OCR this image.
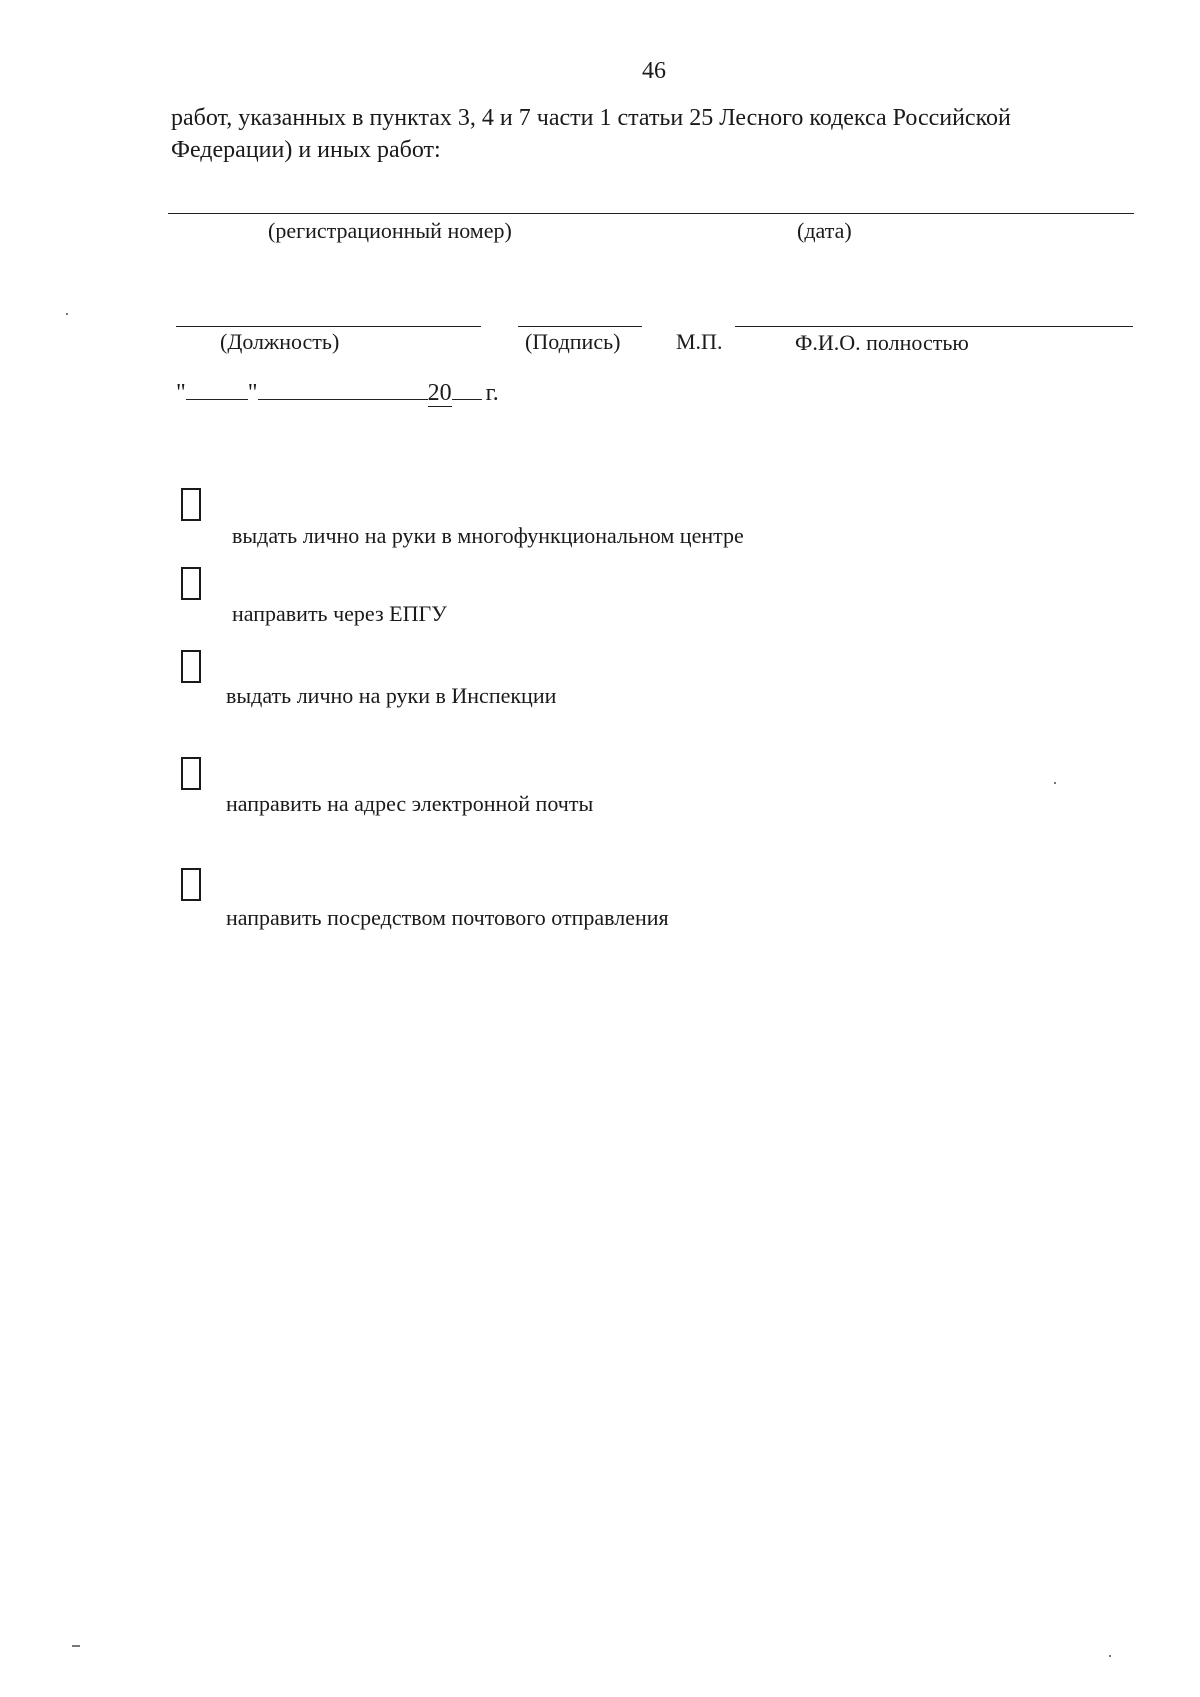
46
работ, указанных в пунктах 3, 4 и 7 части 1 статьи 25 Лесного кодекса Российской Федерации) и иных работ:
(регистрационный номер)	(дата)
(Должность)	(Подпись)	М.П.	Ф.И.О. полностью
"	"	20 г.
выдать лично на руки в многофункциональном центре
направить через ЕПГУ
выдать лично на руки в Инспекции
направить на адрес электронной почты
направить посредством почтового отправления
